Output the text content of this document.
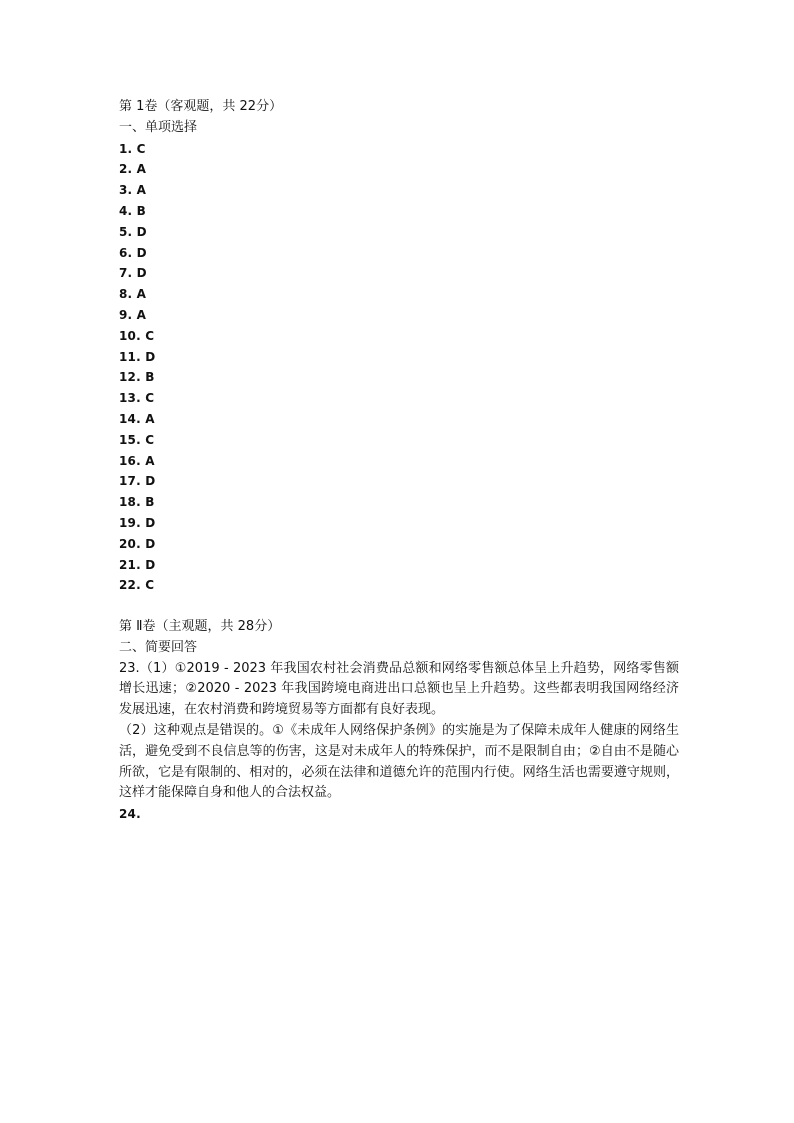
第 1卷（客观题，共 22分）
一、单项选择
1. C
2. A
3. A
4. B
5. D
6. D
7. D
8. A
9. A
10. C
11. D
12. B
13. C
14. A
15. C
16. A
17. D
18. B
19. D
20. D
21. D
22. C
第 Ⅱ卷（主观题，共 28分）
二、简要回答
23.（1）①2019 - 2023 年我国农村社会消费品总额和网络零售额总体呈上升趋势，网络零售额增长迅速；②2020 - 2023 年我国跨境电商进出口总额也呈上升趋势。这些都表明我国网络经济发展迅速，在农村消费和跨境贸易等方面都有良好表现。
（2）这种观点是错误的。①《未成年人网络保护条例》的实施是为了保障未成年人健康的网络生活，避免受到不良信息等的伤害，这是对未成年人的特殊保护，而不是限制自由；②自由不是随心所欲，它是有限制的、相对的，必须在法律和道德允许的范围内行使。网络生活也需要遵守规则，这样才能保障自身和他人的合法权益。
24.
